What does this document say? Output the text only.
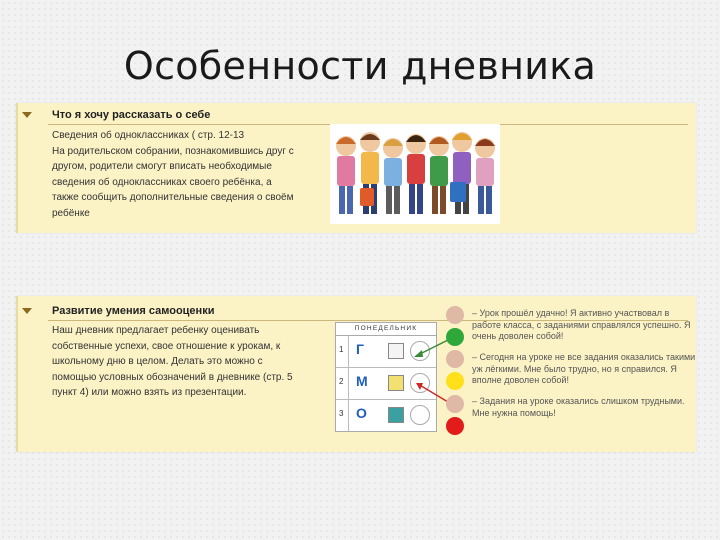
Особенности дневника
Что я хочу рассказать о себе
Сведения об одноклассниках ( стр. 12-13
На родительском собрании, познакомившись друг с
другом, родители смогут вписать необходимые
сведения об одноклассниках своего ребёнка, а
также сообщить дополнительные сведения о своём
ребёнке
Развитие умения самооценки
Наш дневник предлагает ребенку оценивать
собственные успехи, свое отношение к урокам, к
школьному дню в целом. Делать это можно с
помощью условных обозначений в дневнике (стр. 5
пункт 4) или можно взять из презентации.
ПОНЕДЕЛЬНИК
1 Г
2 М
3 О
– Урок прошёл удачно! Я активно участвовал в работе класса, с заданиями справлялся успешно. Я очень доволен собой!
– Сегодня на уроке не все задания оказались такими уж лёгкими. Мне было трудно, но я справился. Я вполне доволен собой!
– Задания на уроке оказались слишком трудными. Мне нужна помощь!
